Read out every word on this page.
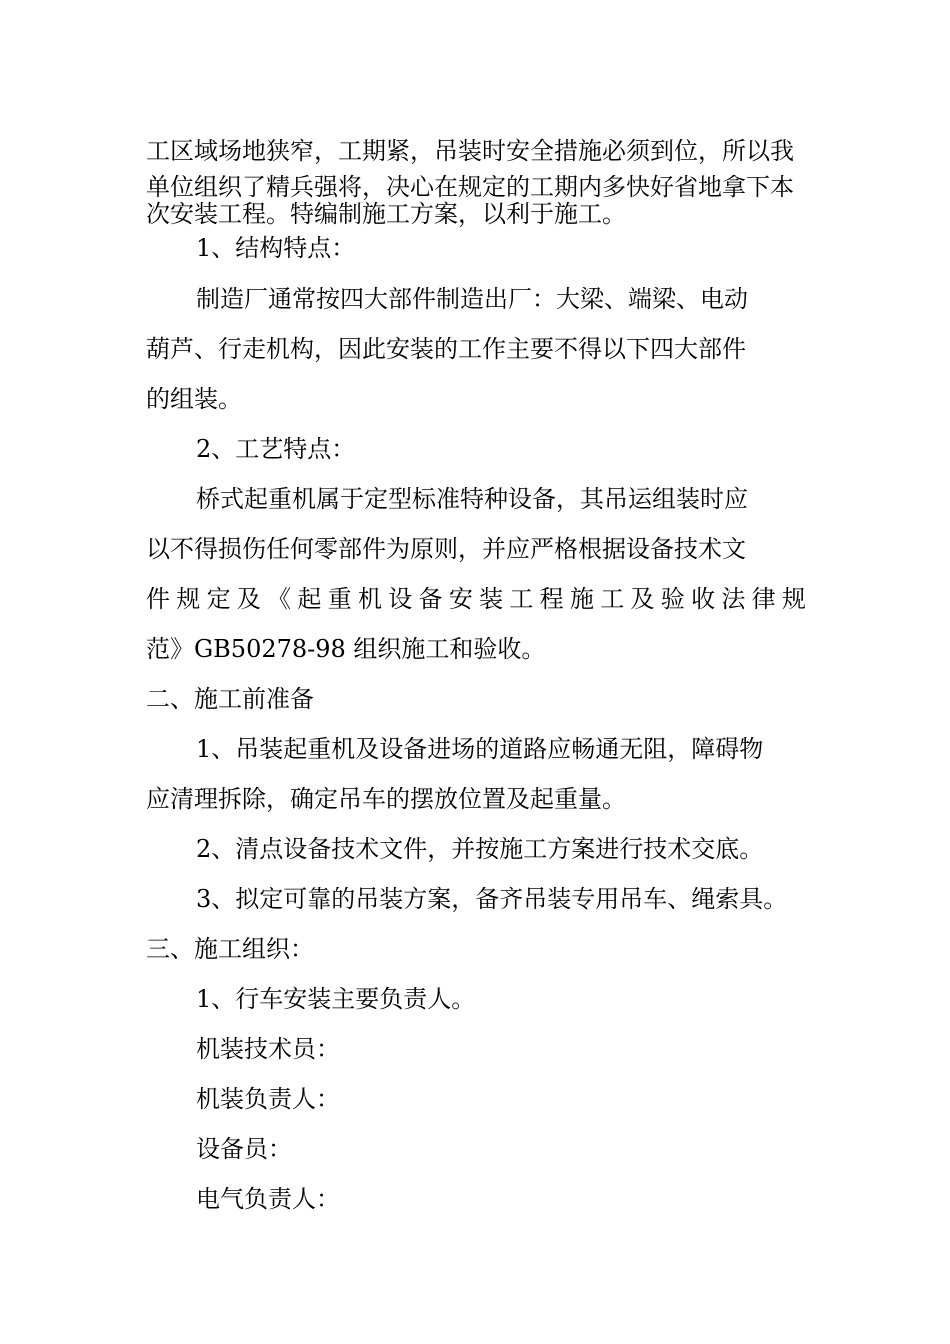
工区域场地狭窄，工期紧，吊装时安全措施必须到位，所以我
单位组织了精兵强将，决心在规定的工期内多快好省地拿下本
次安装工程。特编制施工方案，以利于施工。
1、结构特点：
制造厂通常按四大部件制造出厂：大梁、端梁、电动
葫芦、行走机构，因此安装的工作主要不得以下四大部件
的组装。
2、工艺特点：
桥式起重机属于定型标准特种设备，其吊运组装时应
以不得损伤任何零部件为原则，并应严格根据设备技术文
件 规 定 及 《 起 重 机 设 备 安 装 工 程 施 工 及 验 收 法 律 规
范》GB50278-98 组织施工和验收。
二、施工前准备
1、吊装起重机及设备进场的道路应畅通无阻，障碍物
应清理拆除，确定吊车的摆放位置及起重量。
2、清点设备技术文件，并按施工方案进行技术交底。
3、拟定可靠的吊装方案，备齐吊装专用吊车、绳索具。
三、施工组织：
1、行车安装主要负责人。
机装技术员：
机装负责人：
设备员：
电气负责人：
